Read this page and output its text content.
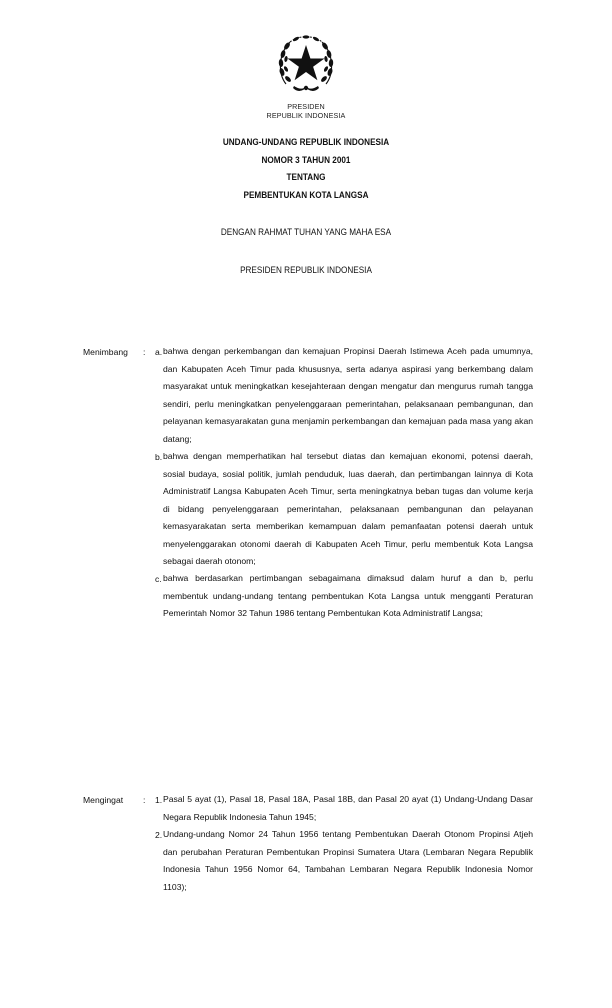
PRESIDEN
REPUBLIK INDONESIA
UNDANG-UNDANG REPUBLIK INDONESIA
NOMOR 3 TAHUN 2001
TENTANG
PEMBENTUKAN KOTA LANGSA
DENGAN RAHMAT TUHAN YANG MAHA ESA
PRESIDEN REPUBLIK INDONESIA
Menimbang : a. bahwa dengan perkembangan dan kemajuan Propinsi Daerah Istimewa Aceh pada umumnya, dan Kabupaten Aceh Timur pada khususnya, serta adanya aspirasi yang berkembang dalam masyarakat untuk meningkatkan kesejahteraan dengan mengatur dan mengurus rumah tangga sendiri, perlu meningkatkan penyelenggaraan pemerintahan, pelaksanaan pembangunan, dan pelayanan kemasyarakatan guna menjamin perkembangan dan kemajuan pada masa yang akan datang;
b. bahwa dengan memperhatikan hal tersebut diatas dan kemajuan ekonomi, potensi daerah, sosial budaya, sosial politik, jumlah penduduk, luas daerah, dan pertimbangan lainnya di Kota Administratif Langsa Kabupaten Aceh Timur, serta meningkatnya beban tugas dan volume kerja di bidang penyelenggaraan pemerintahan, pelaksanaan pembangunan dan pelayanan kemasyarakatan serta memberikan kemampuan dalam pemanfaatan potensi daerah untuk menyelenggarakan otonomi daerah di Kabupaten Aceh Timur, perlu membentuk Kota Langsa sebagai daerah otonom;
c. bahwa berdasarkan pertimbangan sebagaimana dimaksud dalam huruf a dan b, perlu membentuk undang-undang tentang pembentukan Kota Langsa untuk mengganti Peraturan Pemerintah Nomor 32 Tahun 1986 tentang Pembentukan Kota Administratif Langsa;
Mengingat : 1. Pasal 5 ayat (1), Pasal 18, Pasal 18A, Pasal 18B, dan Pasal 20 ayat (1) Undang-Undang Dasar Negara Republik Indonesia Tahun 1945;
2. Undang-undang Nomor 24 Tahun 1956 tentang Pembentukan Daerah Otonom Propinsi Atjeh dan perubahan Peraturan Pembentukan Propinsi Sumatera Utara (Lembaran Negara Republik Indonesia Tahun 1956 Nomor 64, Tambahan Lembaran Negara Republik Indonesia Nomor 1103);
